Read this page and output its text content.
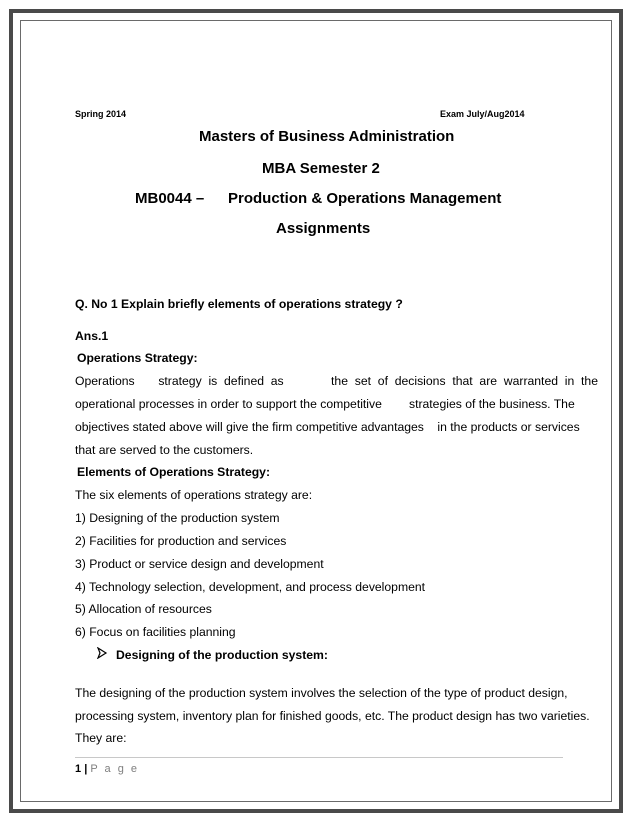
Spring 2014	Exam July/Aug2014
Masters of Business Administration
MBA Semester 2
MB0044 – Production & Operations Management
Assignments
Q. No 1 Explain briefly elements of operations strategy ?
Ans.1
Operations Strategy:
Operations       strategy  is  defined  as              the  set  of  decisions  that  are  warranted  in  the
operational processes in order to support the competitive        strategies of the business. The
objectives stated above will give the firm competitive advantages    in the products or services
that are served to the customers.
Elements of Operations Strategy:
The six elements of operations strategy are:
1) Designing of the production system
2) Facilities for production and services
3) Product or service design and development
4) Technology selection, development, and process development
5) Allocation of resources
6) Focus on facilities planning
Designing of the production system:
The designing of the production system involves the selection of the type of product design,
processing system, inventory plan for finished goods, etc. The product design has two varieties.
They are:
1 | P a g e
